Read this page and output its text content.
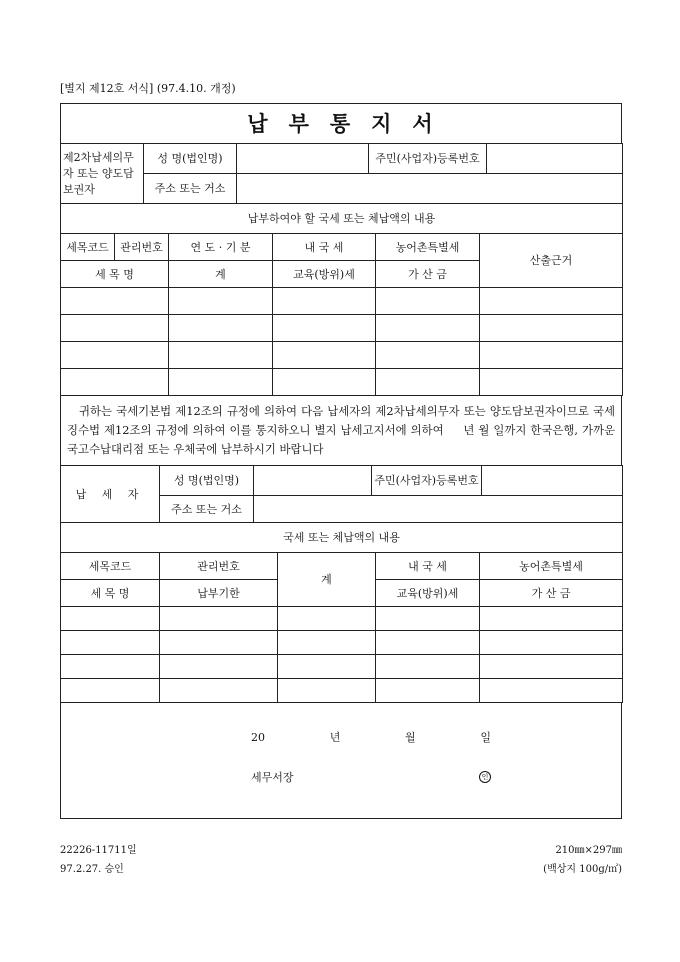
[별지 제12호 서식] (97.4.10. 개정)
납부통지서
제2차납세의무자 또는 양도담보권자	성 명(법인명)		주민(사업자)등록번호	
	주소 또는 거소			
납부하여야 할 국세 또는 체납액의 내용					
세목코드	관리번호	연 도 · 기 분	내 국 세	농어촌특별세	산출근거
세 목 명		계	교육(방위)세	가 산 금	

귀하는 국세기본법 제12조의 규정에 의하여 다음 납세자의 제2차납세의무자 또는 양도담보권자이므로 국세징수법 제12조의 규정에 의하여 이를 통지하오니 별지 납세고지서에 의하여 　 년 월 일까지 한국은행, 가까운 국고수납대리점 또는 우체국에 납부하시기 바랍니다
납 세 자	성 명(법인명)		주민(사업자)등록번호	
	주소 또는 거소			
국세 또는 체납액의 내용				
세목코드	관리번호	계	내 국 세	농어촌특별세
세 목 명	납부기한		교육(방위)세	가 산 금

20	년	월	일
세무서장	인
22226-11711일
97.2.27. 승인
210㎜×297㎜
(백상지 100g/㎡)
